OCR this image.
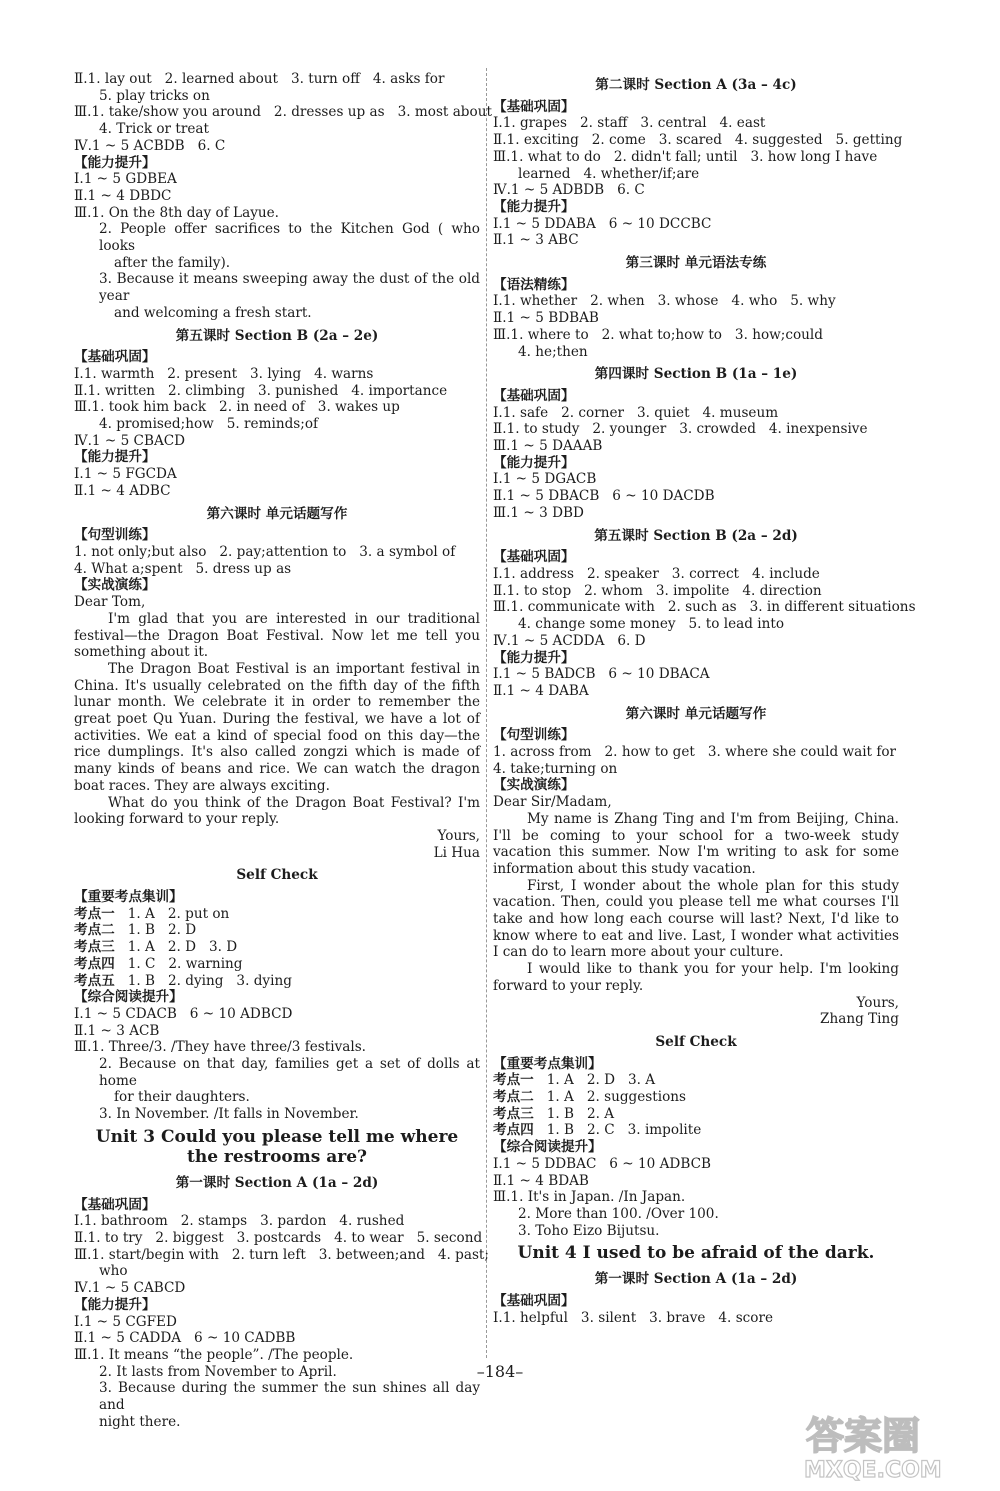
Ⅱ.1. lay out   2. learned about   3. turn off   4. asks for
5. play tricks on
Ⅲ.1. take/show you around   2. dresses up as   3. most about
4. Trick or treat
Ⅳ.1 ~ 5 ACBDB   6. C
【能力提升】
Ⅰ.1 ~ 5 GDBEA
Ⅱ.1 ~ 4 DBDC
Ⅲ.1. On the 8th day of Layue.
2. People offer sacrifices to the Kitchen God ( who looks
after the family).
3. Because it means sweeping away the dust of the old year
and welcoming a fresh start.
第五课时 Section B (2a – 2e)
【基础巩固】
Ⅰ.1. warmth   2. present   3. lying   4. warns
Ⅱ.1. written   2. climbing   3. punished   4. importance
Ⅲ.1. took him back   2. in need of   3. wakes up
4. promised;how   5. reminds;of
Ⅳ.1 ~ 5 CBACD
【能力提升】
Ⅰ.1 ~ 5 FGCDA
Ⅱ.1 ~ 4 ADBC
第六课时 单元话题写作
【句型训练】
1. not only;but also   2. pay;attention to   3. a symbol of
4. What a;spent   5. dress up as
【实战演练】
Dear Tom,
I'm glad that you are interested in our traditional festival—the Dragon Boat Festival. Now let me tell you something about it.
The Dragon Boat Festival is an important festival in China. It's usually celebrated on the fifth day of the fifth lunar month. We celebrate it in order to remember the great poet Qu Yuan. During the festival, we have a lot of activities. We eat a kind of special food on this day—the rice dumplings. It's also called zongzi which is made of many kinds of beans and rice. We can watch the dragon boat races. They are always exciting.
What do you think of the Dragon Boat Festival? I'm looking forward to your reply.
Yours,
Li Hua
Self Check
【重要考点集训】
考点一 1. A   2. put on
考点二 1. B   2. D
考点三 1. A   2. D   3. D
考点四 1. C   2. warning
考点五 1. B   2. dying   3. dying
【综合阅读提升】
Ⅰ.1 ~ 5 CDACB   6 ~ 10 ADBCD
Ⅱ.1 ~ 3 ACB
Ⅲ.1. Three/3. /They have three/3 festivals.
2. Because on that day, families get a set of dolls at home
for their daughters.
3. In November. /It falls in November.
Unit 3 Could you please tell me where
the restrooms are?
第一课时 Section A (1a – 2d)
【基础巩固】
Ⅰ.1. bathroom   2. stamps   3. pardon   4. rushed
Ⅱ.1. to try   2. biggest   3. postcards   4. to wear   5. second
Ⅲ.1. start/begin with   2. turn left   3. between;and   4. past;
who
Ⅳ.1 ~ 5 CABCD
【能力提升】
Ⅰ.1 ~ 5 CGFED
Ⅱ.1 ~ 5 CADDA   6 ~ 10 CADBB
Ⅲ.1. It means “the people”. /The people.
2. It lasts from November to April.
3. Because during the summer the sun shines all day and
night there.
第二课时 Section A (3a – 4c)
【基础巩固】
Ⅰ.1. grapes   2. staff   3. central   4. east
Ⅱ.1. exciting   2. come   3. scared   4. suggested   5. getting
Ⅲ.1. what to do   2. didn't fall; until   3. how long I have
learned   4. whether/if;are
Ⅳ.1 ~ 5 ADBDB   6. C
【能力提升】
Ⅰ.1 ~ 5 DDABA   6 ~ 10 DCCBC
Ⅱ.1 ~ 3 ABC
第三课时 单元语法专练
【语法精练】
Ⅰ.1. whether   2. when   3. whose   4. who   5. why
Ⅱ.1 ~ 5 BDBAB
Ⅲ.1. where to   2. what to;how to   3. how;could
4. he;then
第四课时 Section B (1a – 1e)
【基础巩固】
Ⅰ.1. safe   2. corner   3. quiet   4. museum
Ⅱ.1. to study   2. younger   3. crowded   4. inexpensive
Ⅲ.1 ~ 5 DAAAB
【能力提升】
Ⅰ.1 ~ 5 DGACB
Ⅱ.1 ~ 5 DBACB   6 ~ 10 DACDB
Ⅲ.1 ~ 3 DBD
第五课时 Section B (2a – 2d)
【基础巩固】
Ⅰ.1. address   2. speaker   3. correct   4. include
Ⅱ.1. to stop   2. whom   3. impolite   4. direction
Ⅲ.1. communicate with   2. such as   3. in different situations
4. change some money   5. to lead into
Ⅳ.1 ~ 5 ACDDA   6. D
【能力提升】
Ⅰ.1 ~ 5 BADCB   6 ~ 10 DBACA
Ⅱ.1 ~ 4 DABA
第六课时 单元话题写作
【句型训练】
1. across from   2. how to get   3. where she could wait for
4. take;turning on
【实战演练】
Dear Sir/Madam,
My name is Zhang Ting and I'm from Beijing, China. I'll be coming to your school for a two-week study vacation this summer. Now I'm writing to ask for some information about this study vacation.
First, I wonder about the whole plan for this study vacation. Then, could you please tell me what courses I'll take and how long each course will last? Next, I'd like to know where to eat and live. Last, I wonder what activities I can do to learn more about your culture.
I would like to thank you for your help. I'm looking forward to your reply.
Yours,
Zhang Ting
Self Check
【重要考点集训】
考点一 1. A   2. D   3. A
考点二 1. A   2. suggestions
考点三 1. B   2. A
考点四 1. B   2. C   3. impolite
【综合阅读提升】
Ⅰ.1 ~ 5 DDBAC   6 ~ 10 ADBCB
Ⅱ.1 ~ 4 BDAB
Ⅲ.1. It's in Japan. /In Japan.
2. More than 100. /Over 100.
3. Toho Eizo Bijutsu.
Unit 4 I used to be afraid of the dark.
第一课时 Section A (1a – 2d)
【基础巩固】
Ⅰ.1. helpful   3. silent   3. brave   4. score
–184–
答案圈
MXQE.COM
